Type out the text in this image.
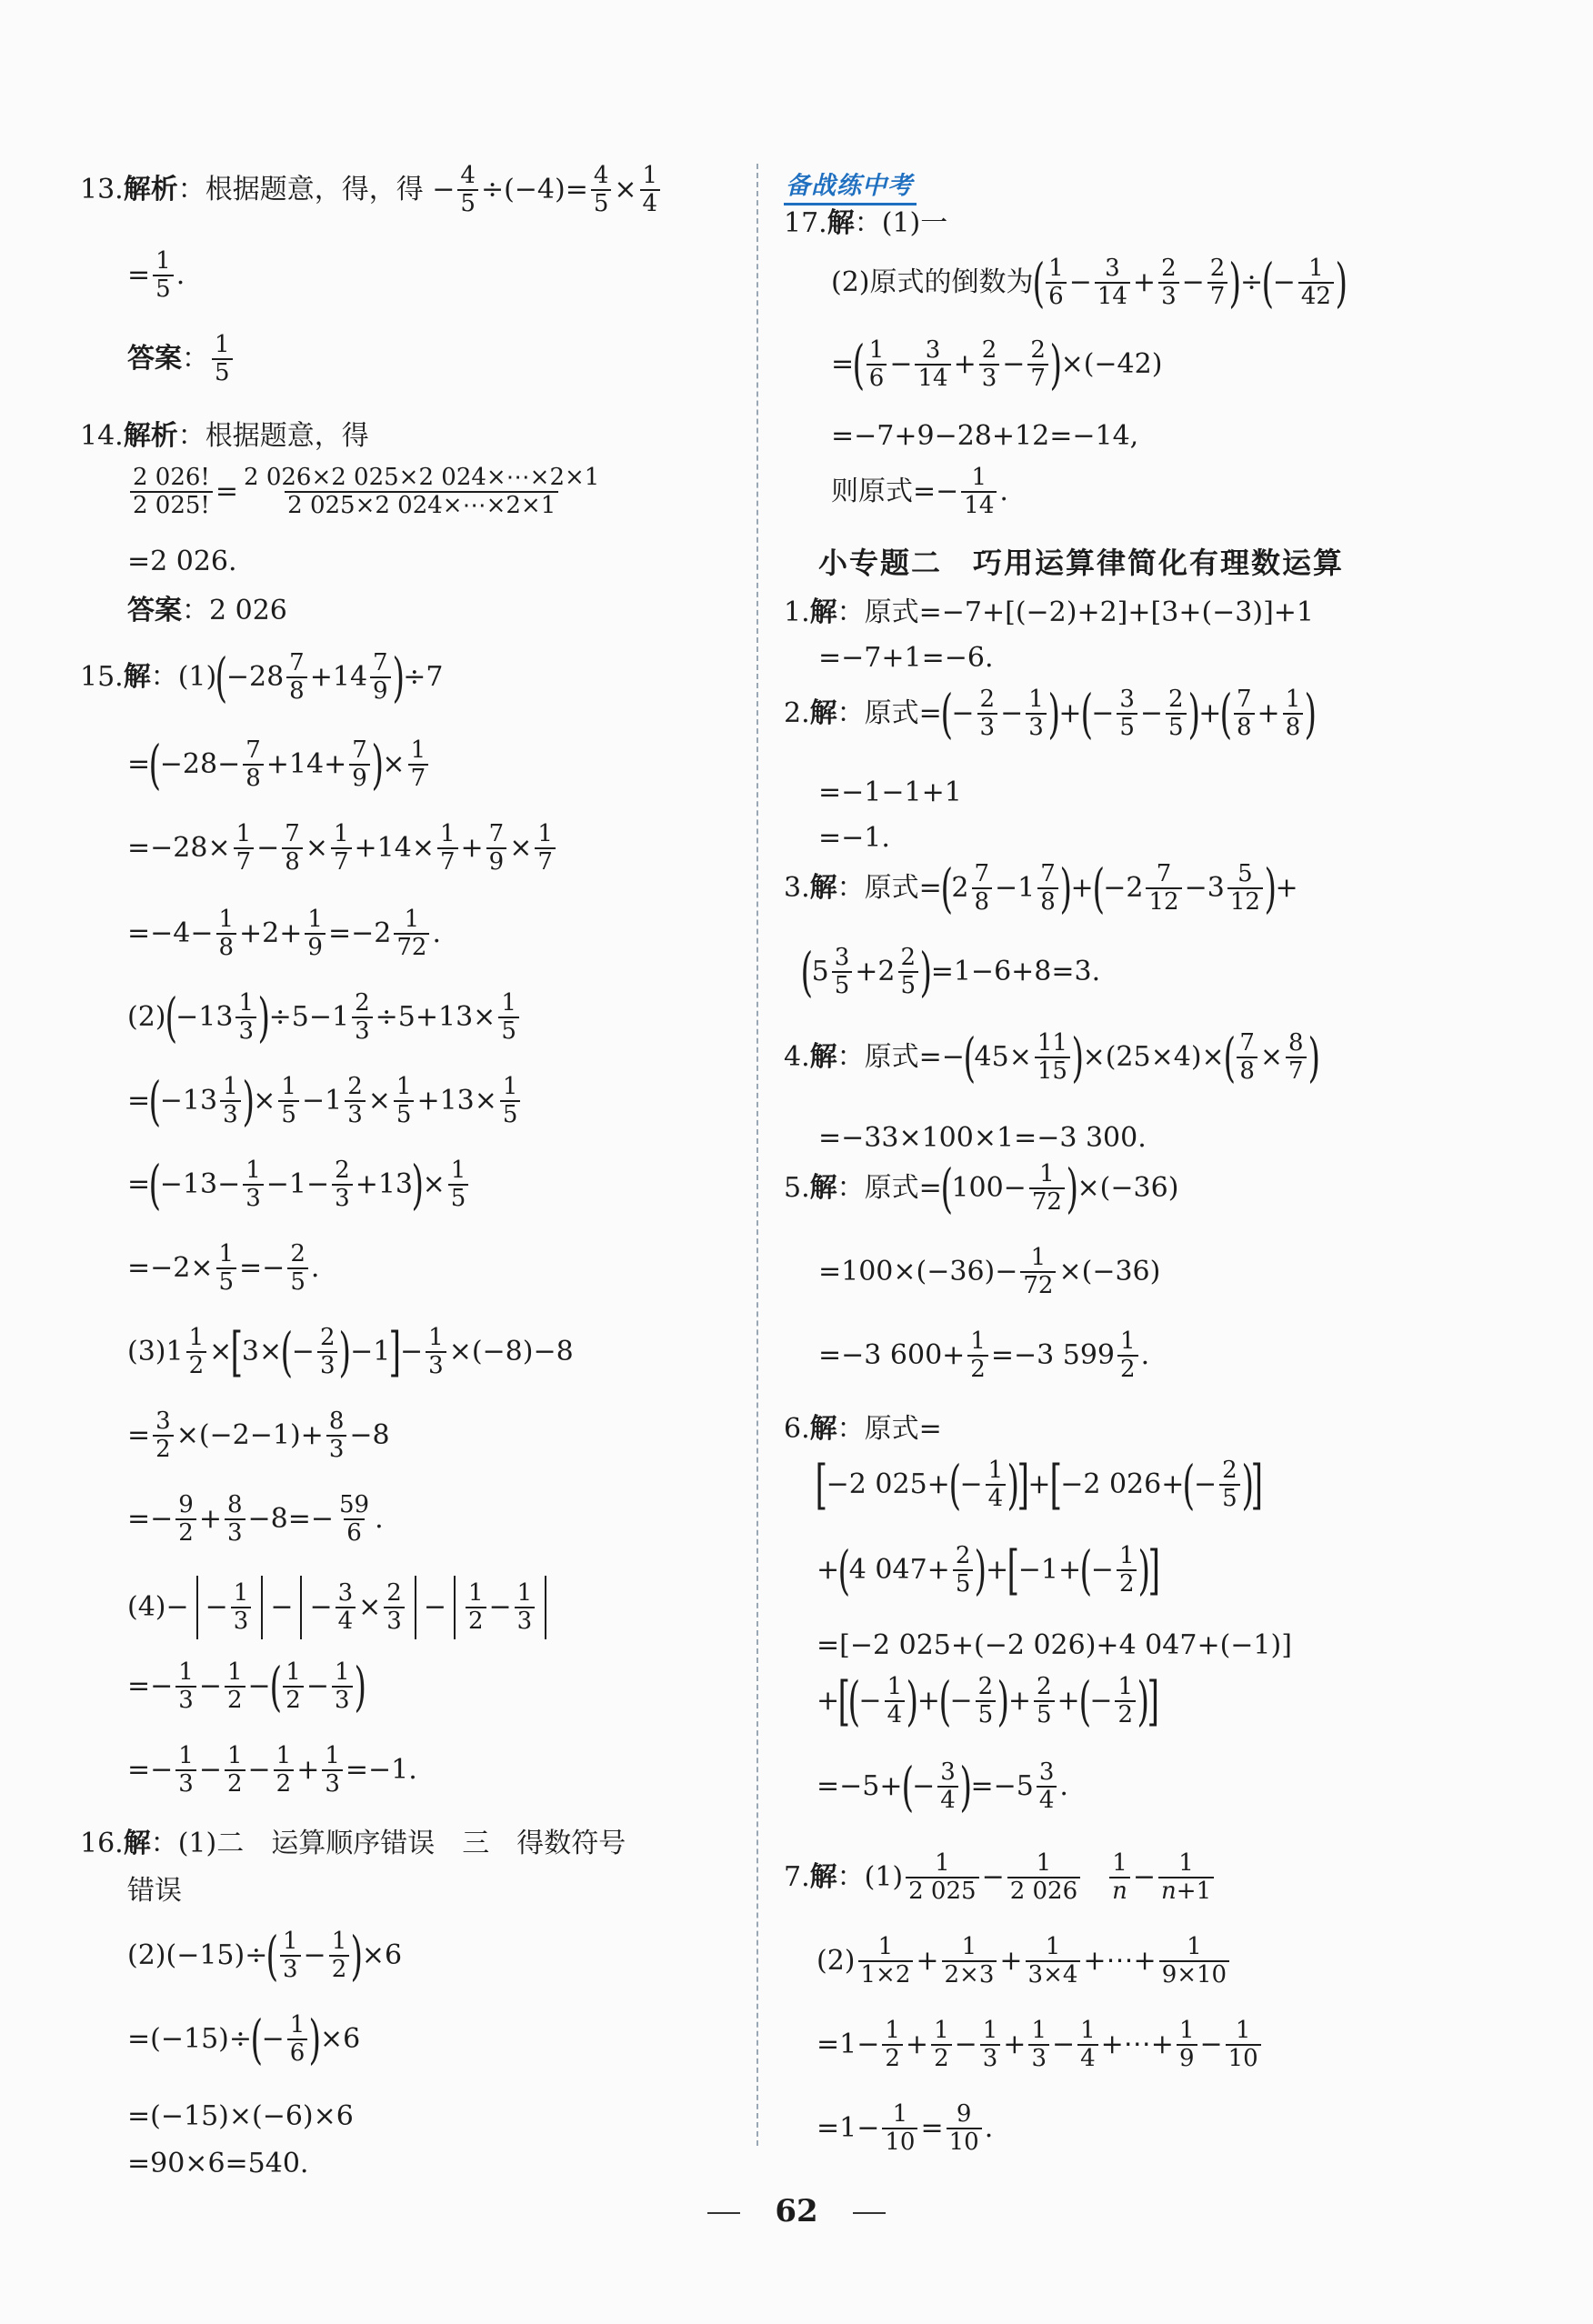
备战练中考
13. 解析 ： 根据题意，得 ，得 − $\frac{4}{5} \div(-4)= \frac{4}{5} \times \frac{1}{4}$
= $\frac{1}{5}$ .
答案 ： $\frac{1}{5}$
14. 解析 ： 根据题意，得
$\frac{2 026!}{2 025!} = \frac{2 026\times 2 025\times 2 024\times\cdots\times 2\times 1}{2 025\times 2 024\times\cdots\times 2\times 1}$
=2 026.
答案 ： 2 026
15. 解 ：(1)
(
$-28 \frac{7}{8} +14 \frac{7}{9}$ )
÷7
=
(
$-28- \frac{7}{8} +14+ \frac{7}{9}$ )
× $\frac{1}{7}$
$=-28\times \frac{1}{7} - \frac{7}{8} \times \frac{1}{7} +14\times \frac{1}{7} + \frac{7}{9} \times \frac{1}{7}$
$=-4- \frac{1}{8} +2+ \frac{1}{9} =-2 \frac{1}{72}$ .
(2)
(
$-13 \frac{1}{3}$ )
$\div 5-1 \frac{2}{3} \div 5+13\times \frac{1}{5}$
=
(
$-13 \frac{1}{3}$ )
× $\frac{1}{5} -1 \frac{2}{3} \times \frac{1}{5} +13\times \frac{1}{5}$
=
(
$-13- \frac{1}{3} -1- \frac{2}{3} +13$
)
× $\frac{1}{5}$
$=-2\times \frac{1}{5} =- \frac{2}{5}$ .
$(3)1 \frac{1}{2}$ ×
[
3×
(
− $\frac{2}{3}$ )
−1
]
− $\frac{1}{3} \times(-8)-8$
= $\frac{3}{2} \times(-2-1)+ \frac{8}{3} -8$
=− $\frac{9}{2} + \frac{8}{3} -8=- \frac{59}{6}$ .
$(4)- - \frac{1}{3}$ − − $\frac{3}{4} \times \frac{2}{3} - \frac{1}{2} - \frac{1}{3}$
=− $\frac{1}{3} - \frac{1}{2}$ −
( $\frac{1}{2} - \frac{1}{3}$ )
=− $\frac{1}{3} - \frac{1}{2} - \frac{1}{2} + \frac{1}{3} =-1$.
16. 解 ： (1)二　运算顺序错误　三　得数符号
错误
(2)(−15)÷
( $\frac{1}{3} - \frac{1}{2}$ )
×6
=(−15)÷
(
− $\frac{1}{6}$ )
×6
=(−15)×(−6)×6
=90×6=540.
17. 解 ： (1)一
(2)原式的倒数为
( $\frac{1}{6} - \frac{3}{14} + \frac{2}{3} - \frac{2}{7}$ )
÷
(
− $\frac{1}{42}$ )
=
( $\frac{1}{6} - \frac{3}{14} + \frac{2}{3} - \frac{2}{7}$ )
×(−42)
=−7+9−28+12=−14,
则原式= − $\frac{1}{14}$ .
小专题二　巧用运算律简化有理数运算
1. 解 ： 原式=−7+[(−2)+2]+[3+(−3)]+1
=−7+1=−6.
2. 解 ：原式=
(
− $\frac{2}{3} - \frac{1}{3}$ )
+
(
− $\frac{3}{5} - \frac{2}{5}$ )
+
( $\frac{7}{8} + \frac{1}{8}$ )
=−1−1+1
=−1.
3. 解 ：原式=
(
$2 \frac{7}{8} -1 \frac{7}{8}$ )
+
(
$-2 \frac{7}{12} -3 \frac{5}{12}$ )
+
(
$5 \frac{3}{5} +2 \frac{2}{5}$ )
=1−6+8=3.
4. 解 ：原式=−
(
$45\times \frac{11}{15}$ )
×(25×4)×
( $\frac{7}{8} \times \frac{8}{7}$ )
=−33×100×1=−3 300.
5. 解 ：原式=
(
$100- \frac{1}{72}$ )
×(−36)
$=100\times(-36)- \frac{1}{72} \times(-36)$
=−3 $600+ \frac{1}{2} =-3$ $599 \frac{1}{2}$ .
6. 解 ： 原式=
[
−2 025+
(
− $\frac{1}{4}$ )
]
+
[
−2 026+
(
− $\frac{2}{5}$ )
]
+
(
4 $047+ \frac{2}{5}$ )
+
[
−1+
(
− $\frac{1}{2}$ )
]
=[−2 025+(−2 026)+4 047+(−1)]
+
[
(
− $\frac{1}{4}$ )
+
(
− $\frac{2}{5}$ )
+ $\frac{2}{5}$ +
(
− $\frac{1}{2}$ )
]
=−5+
(
− $\frac{3}{4}$ )
$=-5 \frac{3}{4}$ .
7. 解 ：$(1) \frac{1}{2 025} - \frac{1}{2 026} \frac{1}{n} - \frac{1}{n+1}$
$(2) \frac{1}{1\times 2} + \frac{1}{2\times 3} + \frac{1}{3\times 4}$ +⋯+ $\frac{1}{9\times 10}$
$=1- \frac{1}{2} + \frac{1}{2} - \frac{1}{3} + \frac{1}{3} - \frac{1}{4}$ +⋯+ $\frac{1}{9} - \frac{1}{10}$
$=1- \frac{1}{10} = \frac{9}{10}$ .
62
